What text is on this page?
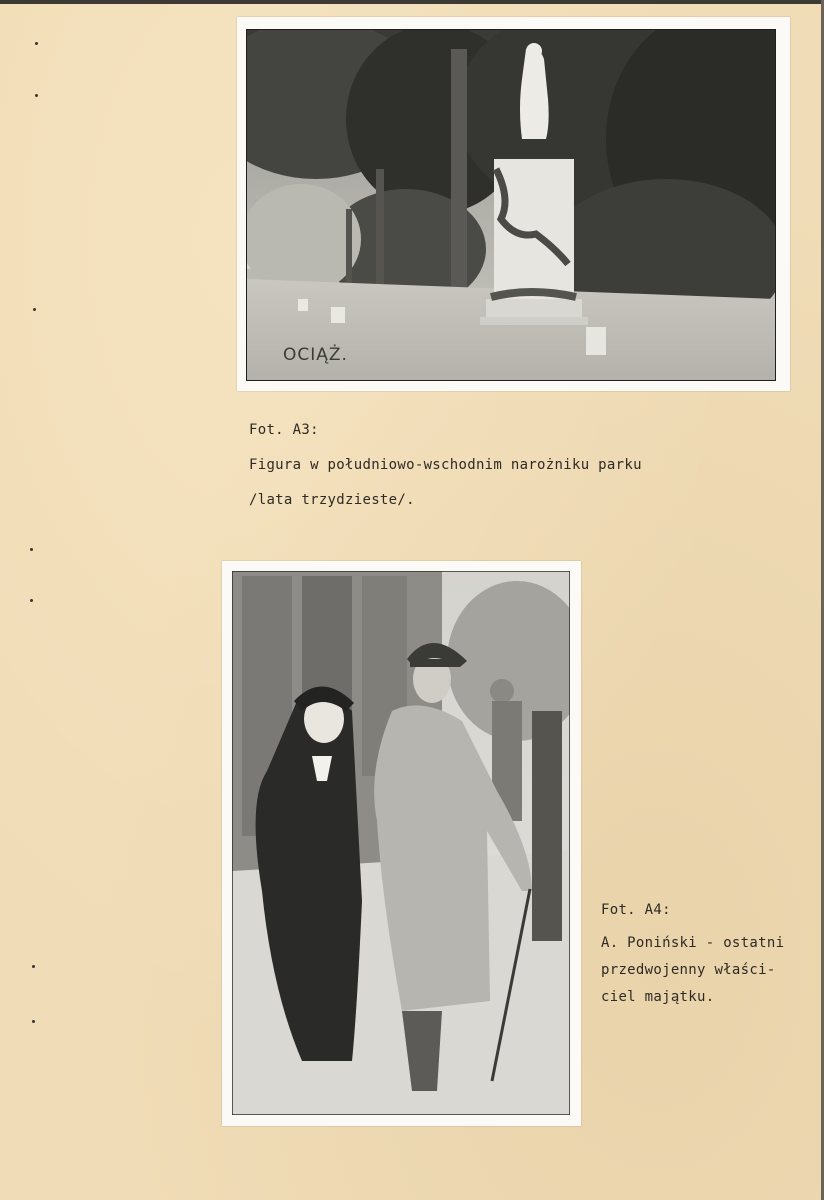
OCIĄŻ.
Fot. A3:
Figura w południowo-wschodnim narożniku parku
/lata trzydzieste/.
Fot. A4:
A. Poniński - ostatni
przedwojenny właści-
ciel majątku.
